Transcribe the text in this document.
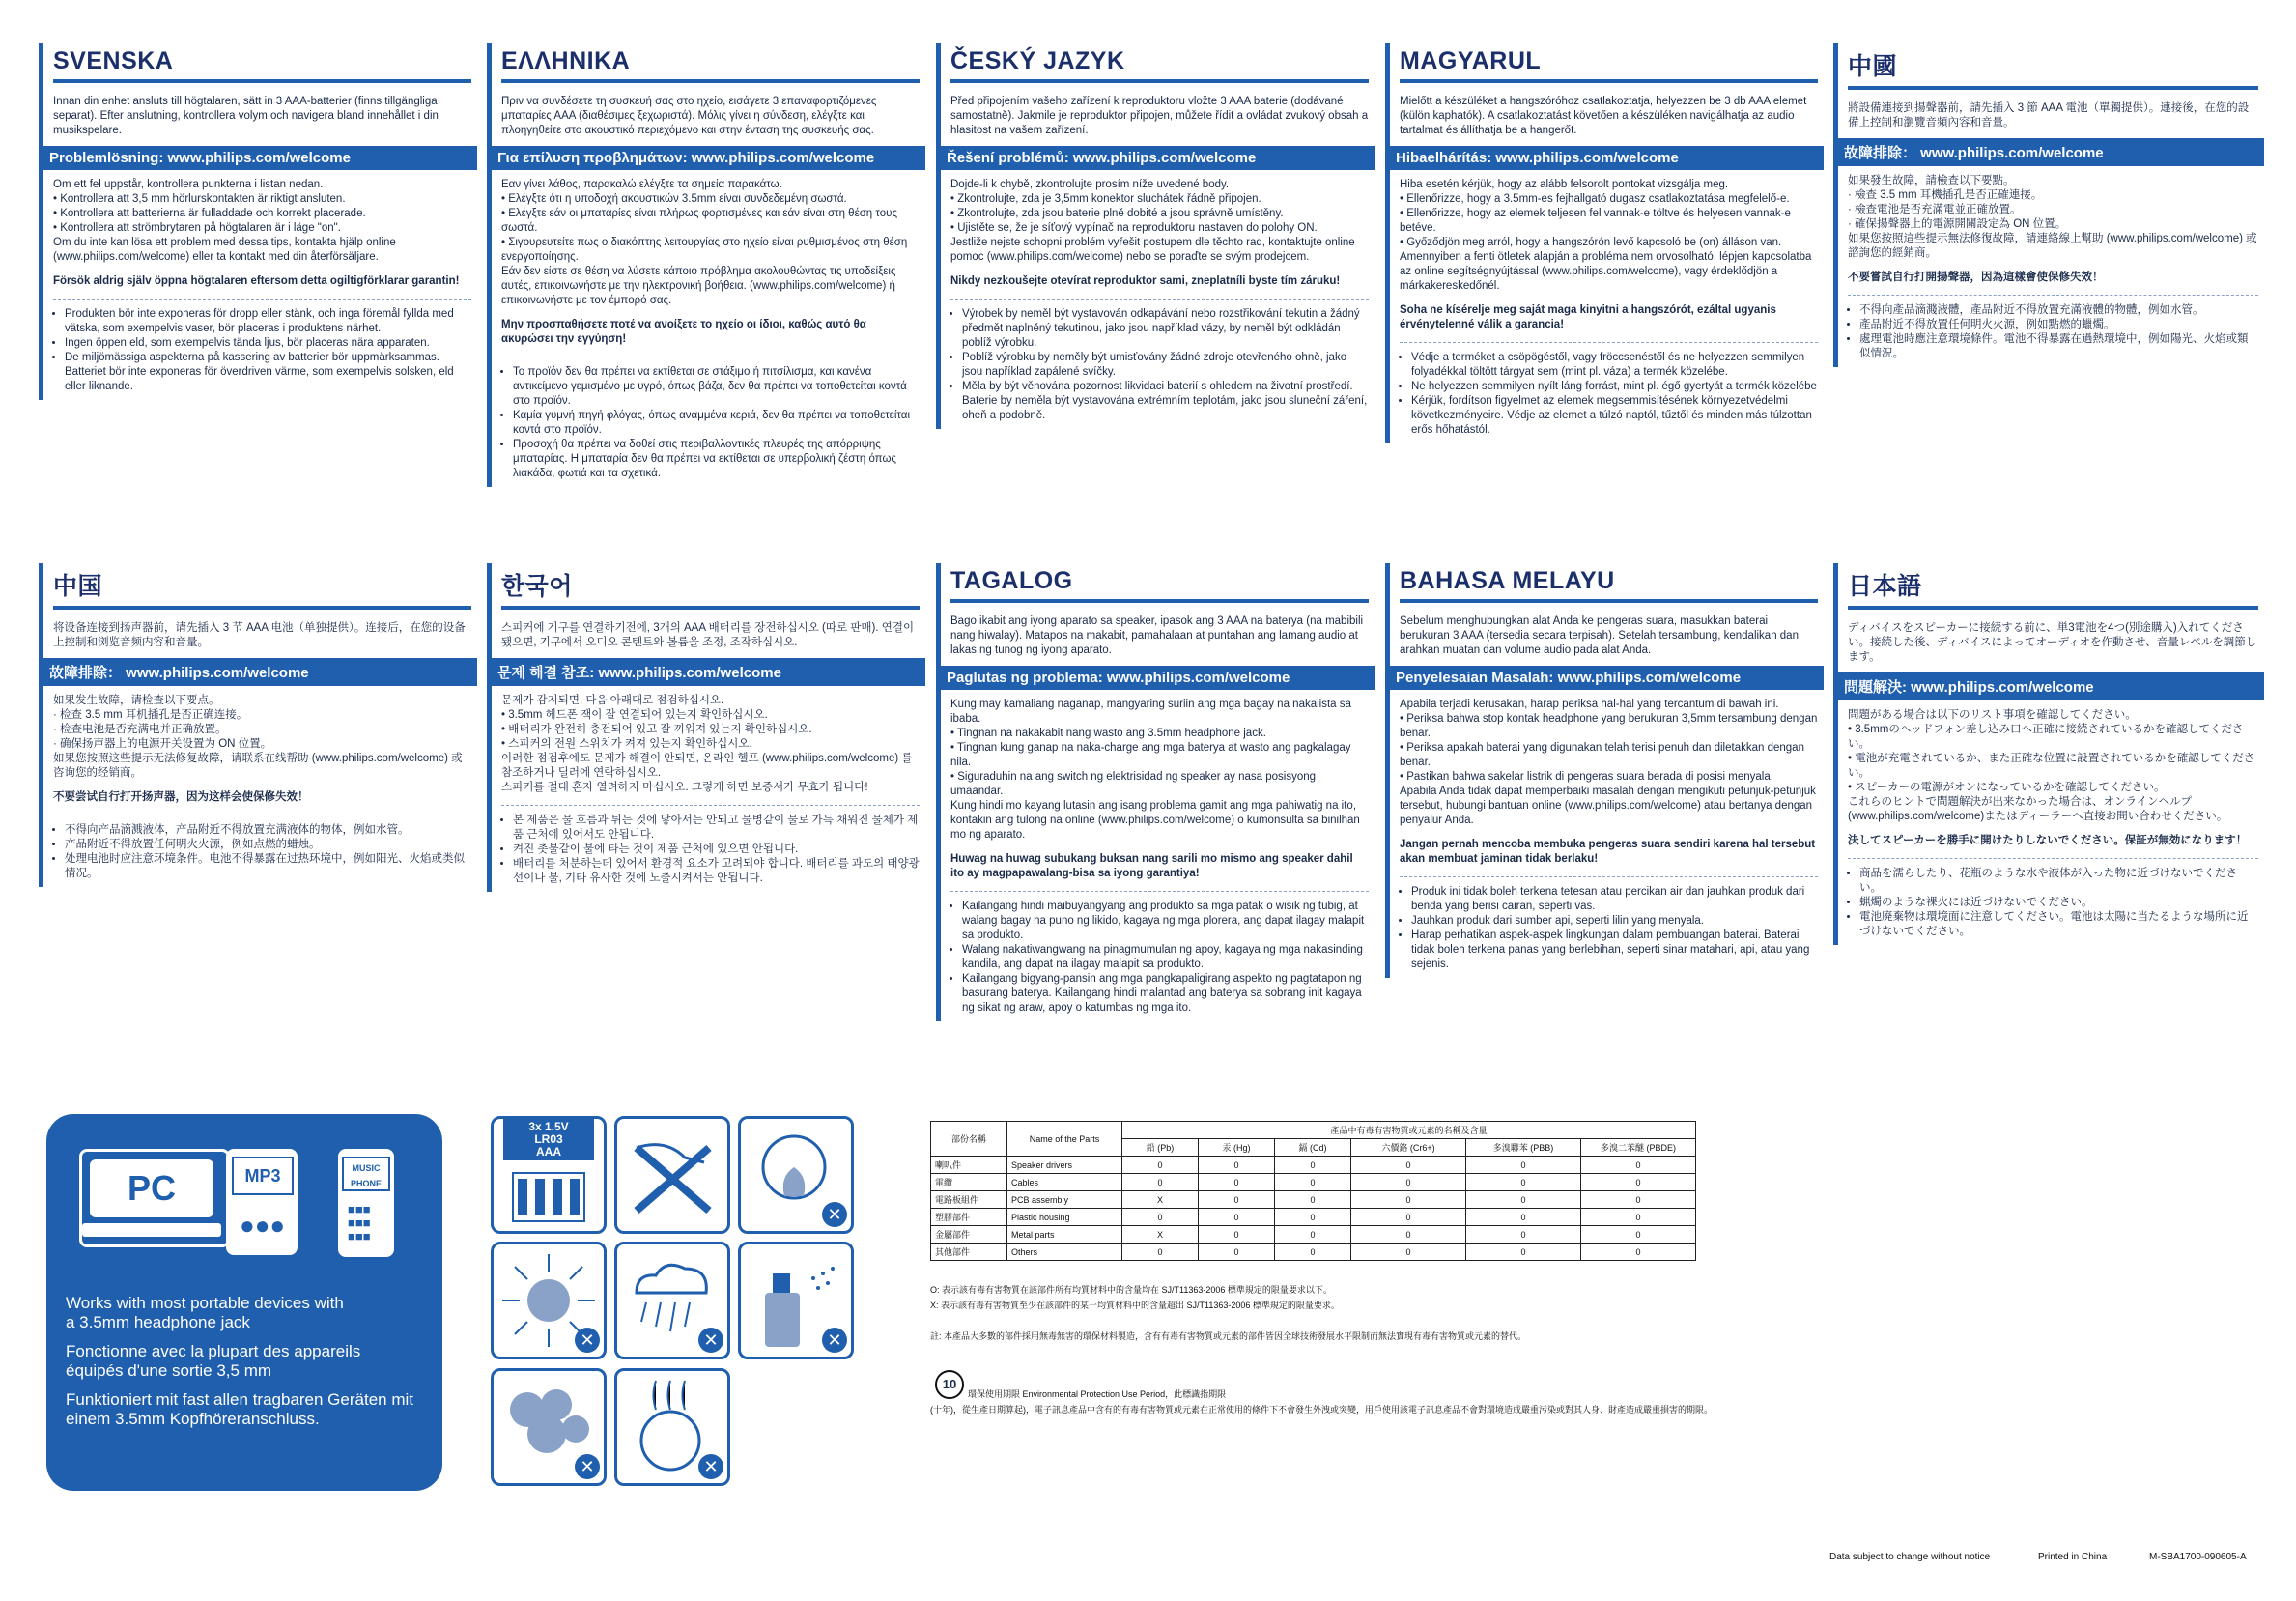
SVENSKA
Innan din enhet ansluts till högtalaren, sätt in 3 AAA-batterier (finns tillgängliga separat). Efter anslutning, kontrollera volym och navigera bland innehållet i din musikspelare.
Problemlösning: www.philips.com/welcome
Om ett fel uppstår, kontrollera punkterna i listan nedan.
• Kontrollera att 3,5 mm hörlurskontakten är riktigt ansluten.
• Kontrollera att batterierna är fulladdade och korrekt placerade.
• Kontrollera att strömbrytaren på högtalaren är i läge "on".
Om du inte kan lösa ett problem med dessa tips, kontakta hjälp online (www.philips.com/welcome) eller ta kontakt med din återförsäljare.
Försök aldrig själv öppna högtalaren eftersom detta ogiltigförklarar garantin!
• Produkten bör inte exponeras för dropp eller stänk, och inga föremål fyllda med vätska, som exempelvis vaser, bör placeras i produktens närhet.
• Ingen öppen eld, som exempelvis tända ljus, bör placeras nära apparaten.
• De miljömässiga aspekterna på kassering av batterier bör uppmärksammas. Batteriet bör inte exponeras för överdriven värme, som exempelvis solsken, eld eller liknande.
ΕΛΛΗΝΙΚΑ
Πριν να συνδέσετε τη συσκευή σας στο ηχείο, εισάγετε 3 επαναφορτιζόμενες μπαταρίες ΑΑΑ (διαθέσιμες ξεχωριστά). Μόλις γίνει η σύνδεση, ελέγξτε και πλοηγηθείτε στο ακουστικό περιεχόμενο και στην ένταση της συσκευής σας.
Για επίλυση προβλημάτων: www.philips.com/welcome
Εαν γίνει λάθος, παρακαλώ ελέγξτε τα σημεία παρακάτω.
• Ελέγξτε ότι η υποδοχή ακουστικών 3.5mm είναι συνδεδεμένη σωστά.
• Ελέγξτε εάν οι μπαταρίες είναι πλήρως φορτισμένες και εάν είναι στη θέση τους σωστά.
• Σιγουρευτείτε πως ο διακόπτης λειτουργίας στο ηχείο είναι ρυθμισμένος στη θέση ενεργοποίησης.
Εάν δεν είστε σε θέση να λύσετε κάποιο πρόβλημα ακολουθώντας τις υποδείξεις αυτές, επικοινωνήστε με την ηλεκτρονική βοήθεια. (www.philips.com/welcome) ή επικοινωνήστε με τον έμπορό σας.
Μην προσπαθήσετε ποτέ να ανοίξετε το ηχείο οι ίδιοι, καθώς αυτό θα ακυρώσει την εγγύηση!
• Το προϊόν δεν θα πρέπει να εκτίθεται σε στάξιμο ή πιτσίλισμα, και κανένα αντικείμενο γεμισμένο με υγρό, όπως βάζα, δεν θα πρέπει να τοποθετείται κοντά στο προϊόν.
• Καμία γυμνή πηγή φλόγας, όπως αναμμένα κεριά, δεν θα πρέπει να τοποθετείται κοντά στο προϊόν.
• Προσοχή θα πρέπει να δοθεί στις περιβαλλοντικές πλευρές της απόρριψης μπαταρίας. Η μπαταρία δεν θα πρέπει να εκτίθεται σε υπερβολική ζέστη όπως λιακάδα, φωτιά και τα σχετικά.
ČESKÝ JAZYK
Před připojením vašeho zařízení k reproduktoru vložte 3 AAA baterie (dodávané samostatně). Jakmile je reproduktor připojen, můžete řídit a ovládat zvukový obsah a hlasitost na vašem zařízení.
Řešení problémů: www.philips.com/welcome
Dojde-li k chybě, zkontrolujte prosím níže uvedené body.
• Zkontrolujte, zda je 3,5mm konektor sluchátek řádně připojen.
• Zkontrolujte, zda jsou baterie plně dobité a jsou správně umístěny.
• Ujistěte se, že je síťový vypínač na reproduktoru nastaven do polohy ON.
Jestliže nejste schopni problém vyřešit postupem dle těchto rad, kontaktujte online pomoc (www.philips.com/welcome) nebo se poraďte se svým prodejcem.
Nikdy nezkoušejte otevírat reproduktor sami, zneplatníli byste tím záruku!
• Výrobek by neměl být vystavován odkapávání nebo rozstřikování tekutin a žádný předmět naplněný tekutinou, jako jsou například vázy, by neměl být odkládán poblíž výrobku.
• Poblíž výrobku by neměly být umisťovány žádné zdroje otevřeného ohně, jako jsou například zapálené svíčky.
• Měla by být věnována pozornost likvidaci baterií s ohledem na životní prostředí. Baterie by neměla být vystavována extrémním teplotám, jako jsou sluneční záření, oheň a podobně.
MAGYARUL
Mielőtt a készüléket a hangszóróhoz csatlakoztatja, helyezzen be 3 db AAA elemet (külön kaphatók). A csatlakoztatást követően a készüléken navigálhatja az audio tartalmat és állíthatja be a hangerőt.
Hibaelhárítás: www.philips.com/welcome
Hiba esetén kérjük, hogy az alább felsorolt pontokat vizsgálja meg.
• Ellenőrizze, hogy a 3.5mm-es fejhallgató dugasz csatlakoztatása megfelelő-e.
• Ellenőrizze, hogy az elemek teljesen fel vannak-e töltve és helyesen vannak-e betéve.
• Győződjön meg arról, hogy a hangszórón levő kapcsoló be (on) álláson van.
Amennyiben a fenti ötletek alapján a probléma nem orvosolható, lépjen kapcsolatba az online segítségnyújtással (www.philips.com/welcome), vagy érdeklődjön a márkakereskedőnél.
Soha ne kísérelje meg saját maga kinyitni a hangszórót, ezáltal ugyanis érvénytelenné válik a garancia!
• Védje a terméket a csöpögéstől, vagy fröccsenéstől és ne helyezzen semmilyen folyadékkal töltött tárgyat sem (mint pl. váza) a termék közelébe.
• Ne helyezzen semmilyen nyílt láng forrást, mint pl. égő gyertyát a termék közelébe
• Kérjük, fordítson figyelmet az elemek megsemmisítésének környezetvédelmi következményeire. Védje az elemet a túlzó naptól, tűztől és minden más túlzottan erős hőhatástól.
中國
將設備連接到揚聲器前，請先插入 3 節 AAA 電池（單獨提供）。連接後，在您的設備上控制和瀏覽音頻內容和音量。
故障排除： www.philips.com/welcome
如果發生故障，請檢查以下要點。
· 檢查 3.5 mm 耳機插孔是否正確連接。
· 檢查電池是否充滿電並正確放置。
· 確保揚聲器上的電源開關設定為 ON 位置。
如果您按照這些提示無法修復故障，請連絡線上幫助 (www.philips.com/welcome) 或諮詢您的經銷商。
不要嘗試自行打開揚聲器，因為這樣會使保修失效！
• 不得向產品滴濺液體，產品附近不得放置充滿液體的物體，例如水管。
• 產品附近不得放置任何明火火源，例如點燃的蠟燭。
• 處理電池時應注意環境條件。電池不得暴露在過熱環境中，例如陽光、火焰或類似情況。
中国
将设备连接到扬声器前，请先插入 3 节 AAA 电池（单独提供）。连接后，在您的设备上控制和浏览音频内容和音量。
故障排除： www.philips.com/welcome
如果发生故障，请检查以下要点。
· 检查 3.5 mm 耳机插孔是否正确连接。
· 检查电池是否充满电并正确放置。
· 确保扬声器上的电源开关设置为 ON 位置。
如果您按照这些提示无法修复故障，请联系在线帮助 (www.philips.com/welcome) 或咨询您的经销商。
不要尝试自行打开扬声器，因为这样会使保修失效！
• 不得向产品滴溅液体，产品附近不得放置充满液体的物体，例如水管。
• 产品附近不得放置任何明火火源，例如点燃的蜡烛。
• 处理电池时应注意环境条件。电池不得暴露在过热环境中，例如阳光、火焰或类似情况。
한국어
스피커에 기구를 연결하기전에, 3개의 AAA 배터리를 장전하십시오 (따로 판매). 연결이 됐으면, 기구에서 오디오 콘텐트와 볼륨을 조정, 조작하십시오.
문제 해결 참조: www.philips.com/welcome
문제가 감지되면, 다음 아래대로 점검하십시오.
• 3.5mm 헤드폰 잭이 잘 연결되어 있는지 확인하십시오.
• 배터리가 완전히 충전되어 있고 잘 끼워져 있는지 확인하십시오.
• 스피커의 전원 스위치가 켜져 있는지 확인하십시오.
이러한 점검후에도 문제가 해결이 안되면, 온라인 헬프 (www.philips.com/welcome) 를 참조하거나 딜러에 연락하십시오.
스피커를 절대 혼자 열려하지 마십시오. 그렇게 하면 보증서가 무효가 됩니다!
• 본 제품은 물 흐름과 튀는 것에 닿아서는 안되고 물병같이 물로 가득 채워진 물체가 제품 근처에 있어서도 안됩니다.
• 켜진 촛불같이 불에 타는 것이 제품 근처에 있으면 안됩니다.
• 배터리를 처분하는데 있어서 환경적 요소가 고려되야 합니다. 배터리를 과도의 태양광선이나 불, 기타 유사한 것에 노출시켜서는 안됩니다.
TAGALOG
Bago ikabit ang iyong aparato sa speaker, ipasok ang 3 AAA na baterya (na mabibili nang hiwalay). Matapos na makabit, pamahalaan at puntahan ang lamang audio at lakas ng tunog ng iyong aparato.
Paglutas ng problema: www.philips.com/welcome
Kung may kamaliang naganap, mangyaring suriin ang mga bagay na nakalista sa ibaba.
• Tingnan na nakakabit nang wasto ang 3.5mm headphone jack.
• Tingnan kung ganap na naka-charge ang mga baterya at wasto ang pagkalagay nila.
• Siguraduhin na ang switch ng elektrisidad ng speaker ay nasa posisyong umaandar.
Kung hindi mo kayang lutasin ang isang problema gamit ang mga pahiwatig na ito, kontakin ang tulong na online (www.philips.com/welcome) o kumonsulta sa binilhan mo ng aparato.
Huwag na huwag subukang buksan nang sarili mo mismo ang speaker dahil ito ay magpapawalang-bisa sa iyong garantiya!
• Kailangang hindi maibuyangyang ang produkto sa mga patak o wisik ng tubig, at walang bagay na puno ng likido, kagaya ng mga plorera, ang dapat ilagay malapit sa produkto.
• Walang nakatiwangwang na pinagmumulan ng apoy, kagaya ng mga nakasinding kandila, ang dapat na ilagay malapit sa produkto.
• Kailangang bigyang-pansin ang mga pangkapaligirang aspekto ng pagtatapon ng basurang baterya. Kailangang hindi malantad ang baterya sa sobrang init kagaya ng sikat ng araw, apoy o katumbas ng mga ito.
BAHASA MELAYU
Sebelum menghubungkan alat Anda ke pengeras suara, masukkan baterai berukuran 3 AAA (tersedia secara terpisah). Setelah tersambung, kendalikan dan arahkan muatan dan volume audio pada alat Anda.
Penyelesaian Masalah: www.philips.com/welcome
Apabila terjadi kerusakan, harap periksa hal-hal yang tercantum di bawah ini.
• Periksa bahwa stop kontak headphone yang berukuran 3,5mm tersambung dengan benar.
• Periksa apakah baterai yang digunakan telah terisi penuh dan diletakkan dengan benar.
• Pastikan bahwa sakelar listrik di pengeras suara berada di posisi menyala.
Apabila Anda tidak dapat memperbaiki masalah dengan mengikuti petunjuk-petunjuk tersebut, hubungi bantuan online (www.philips.com/welcome) atau bertanya dengan penyalur Anda.
Jangan pernah mencoba membuka pengeras suara sendiri karena hal tersebut akan membuat jaminan tidak berlaku!
• Produk ini tidak boleh terkena tetesan atau percikan air dan jauhkan produk dari benda yang berisi cairan, seperti vas.
• Jauhkan produk dari sumber api, seperti lilin yang menyala.
• Harap perhatikan aspek-aspek lingkungan dalam pembuangan baterai. Baterai tidak boleh terkena panas yang berlebihan, seperti sinar matahari, api, atau yang sejenis.
日本語
ディバイスをスピーカーに接続する前に、単3電池を4つ(別途購入)入れてください。接続した後、ディバイスによってオーディオを作動させ、音量レベルを調節します。
問題解決: www.philips.com/welcome
問題がある場合は以下のリスト事項を確認してください。
• 3.5mmのヘッドフォン差し込み口へ正確に接続されているかを確認してください。
• 電池が充電されているか、また正確な位置に設置されているかを確認してください。
• スピーカーの電源がオンになっているかを確認してください。
これらのヒントで問題解決が出来なかった場合は、オンラインヘルプ (www.philips.com/welcome)またはディーラーへ直接お問い合わせください。
決してスピーカーを勝手に開けたりしないでください。保証が無効になります！
• 商品を濡らしたり、花瓶のような水や液体が入った物に近づけないでください。
• 蝋燭のような裸火には近づけないでください。
• 電池廃棄物は環境面に注意してください。電池は太陽に当たるような場所に近づけないでください。
PC	MP3
●●●
MUSIC PHONE
■■■
■■■
■■■
Works with most portable devices with a 3.5mm headphone jack
Fonctionne avec la plupart des appareils équipés d'une sortie 3,5 mm
Funktioniert mit fast allen tragbaren Geräten mit einem 3.5mm Kopfhöreranschluss.
3x 1.5V LR03 AAA
✕
✕	✕	✕
✕	✕
部份名稱	Name of the Parts	產品中有毒有害物質或元素的名稱及含量					
		鉛 (Pb)	汞 (Hg)	鎘 (Cd)	六價鉻 (Cr6+)	多溴聯苯 (PBB)	多溴二苯醚 (PBDE)
喇叭件	Speaker drivers	0	0	0	0	0	0
電纜	Cables	0	0	0	0	0	0
電路板組件	PCB assembly	X	0	0	0	0	0
塑膠部件	Plastic housing	0	0	0	0	0	0
金屬部件	Metal parts	X	0	0	0	0	0
其他部件	Others	0	0	0	0	0	0
O: 表示該有毒有害物質在該部件所有均質材料中的含量均在 SJ/T11363-2006 標準規定的限量要求以下。
X: 表示該有毒有害物質至少在該部件的某一均質材料中的含量超出 SJ/T11363-2006 標準規定的限量要求。
註: 本產品大多數的部件採用無毒無害的環保材料製造，含有有毒有害物質或元素的部件皆因全球技術發展水平限制而無法實現有毒有害物質或元素的替代。
10
環保使用期限 Environmental Protection Use Period，此標識指期限
(十年)，從生產日期算起)，電子訊息產品中含有的有毒有害物質或元素在正常使用的條件下不會發生外洩或突變，用戶使用該電子訊息產品不會對環境造成嚴重污染或對其人身、財產造成嚴重損害的期限。
Data subject to change without notice	Printed in China	M-SBA1700-090605-A
